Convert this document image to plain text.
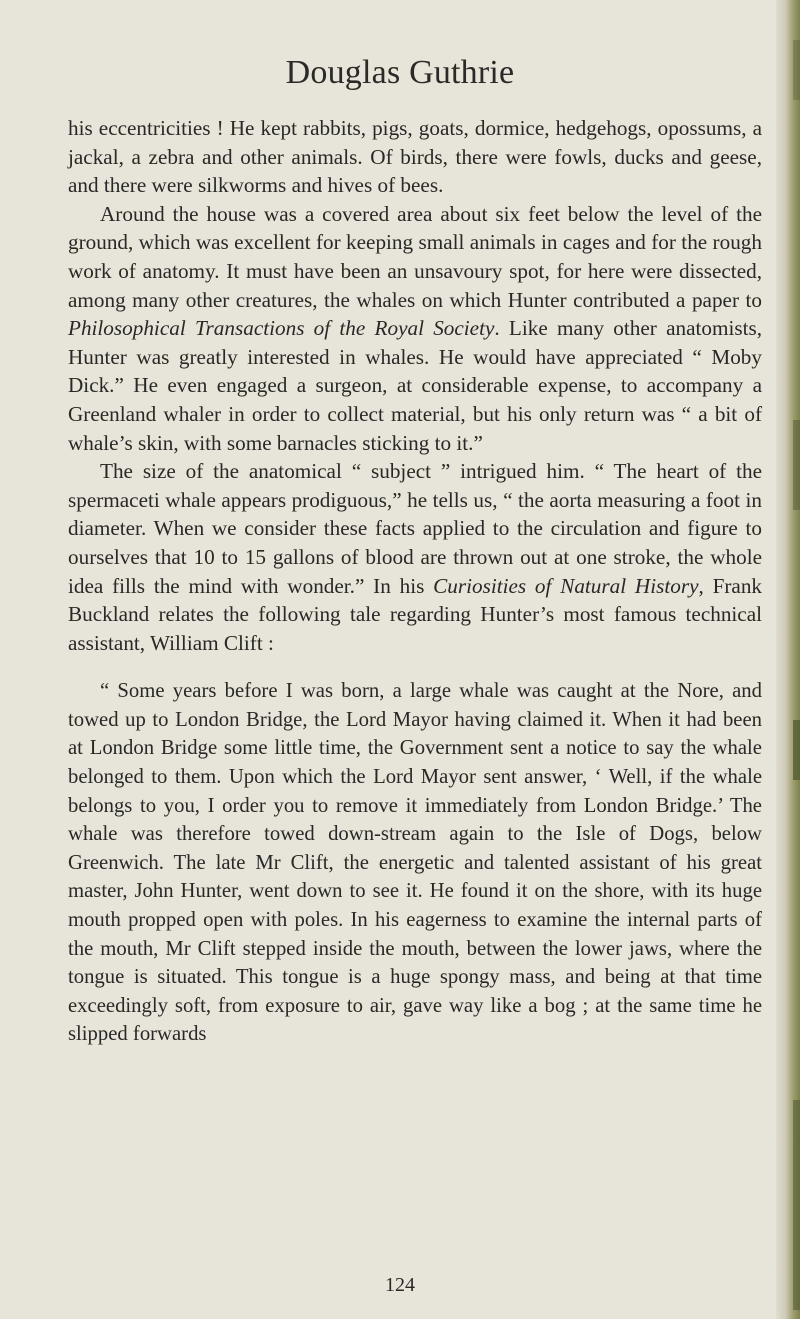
Douglas Guthrie

his eccentricities ! He kept rabbits, pigs, goats, dormice, hedgehogs, opossums, a jackal, a zebra and other animals. Of birds, there were fowls, ducks and geese, and there were silkworms and hives of bees.

Around the house was a covered area about six feet below the level of the ground, which was excellent for keeping small animals in cages and for the rough work of anatomy. It must have been an unsavoury spot, for here were dissected, among many other creatures, the whales on which Hunter contributed a paper to Philosophical Transactions of the Royal Society. Like many other anatomists, Hunter was greatly interested in whales. He would have appreciated “ Moby Dick.” He even engaged a surgeon, at considerable expense, to accompany a Greenland whaler in order to collect material, but his only return was “ a bit of whale’s skin, with some barnacles sticking to it.”

The size of the anatomical “ subject ” intrigued him. “ The heart of the spermaceti whale appears prodiguous,” he tells us, “ the aorta measuring a foot in diameter. When we consider these facts applied to the circulation and figure to ourselves that 10 to 15 gallons of blood are thrown out at one stroke, the whole idea fills the mind with wonder.” In his Curiosities of Natural History, Frank Buckland relates the following tale regarding Hunter’s most famous technical assistant, William Clift :

“ Some years before I was born, a large whale was caught at the Nore, and towed up to London Bridge, the Lord Mayor having claimed it. When it had been at London Bridge some little time, the Government sent a notice to say the whale belonged to them. Upon which the Lord Mayor sent answer, ‘ Well, if the whale belongs to you, I order you to remove it immediately from London Bridge.’ The whale was therefore towed down-stream again to the Isle of Dogs, below Greenwich. The late Mr Clift, the energetic and talented assistant of his great master, John Hunter, went down to see it. He found it on the shore, with its huge mouth propped open with poles. In his eagerness to examine the internal parts of the mouth, Mr Clift stepped inside the mouth, between the lower jaws, where the tongue is situated. This tongue is a huge spongy mass, and being at that time exceedingly soft, from exposure to air, gave way like a bog ; at the same time he slipped forwards

124
